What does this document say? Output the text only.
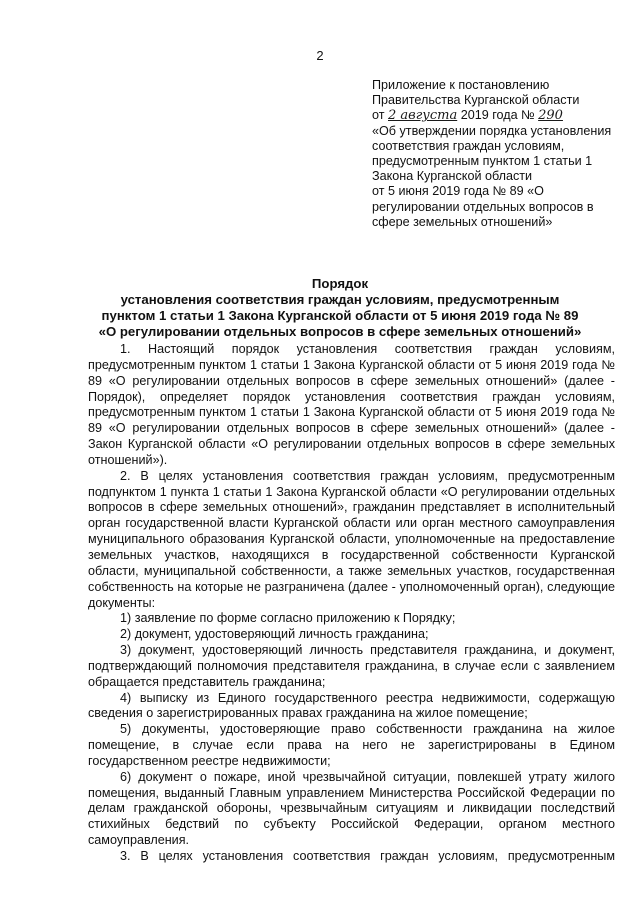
2
Приложение к постановлению
Правительства Курганской области
от 2 августа 2019 года № 290
«Об утверждении порядка установления
соответствия граждан условиям,
предусмотренным пунктом 1 статьи 1
Закона Курганской области
от 5 июня 2019 года № 89 «О
регулировании отдельных вопросов в
сфере земельных отношений»
Порядок
установления соответствия граждан условиям, предусмотренным
пунктом 1 статьи 1 Закона Курганской области от 5 июня 2019 года № 89
«О регулировании отдельных вопросов в сфере земельных отношений»

1. Настоящий порядок установления соответствия граждан условиям, предусмотренным пунктом 1 статьи 1 Закона Курганской области от 5 июня 2019 года № 89 «О регулировании отдельных вопросов в сфере земельных отношений» (далее - Порядок), определяет порядок установления соответствия граждан условиям, предусмотренным пунктом 1 статьи 1 Закона Курганской области от 5 июня 2019 года № 89 «О регулировании отдельных вопросов в сфере земельных отношений» (далее - Закон Курганской области «О регулировании отдельных вопросов в сфере земельных отношений»).

2. В целях установления соответствия граждан условиям, предусмотренным подпунктом 1 пункта 1 статьи 1 Закона Курганской области «О регулировании отдельных вопросов в сфере земельных отношений», гражданин представляет в исполнительный орган государственной власти Курганской области или орган местного самоуправления муниципального образования Курганской области, уполномоченные на предоставление земельных участков, находящихся в государственной собственности Курганской области, муниципальной собственности, а также земельных участков, государственная собственность на которые не разграничена (далее - уполномоченный орган), следующие документы:

1) заявление по форме согласно приложению к Порядку;

2) документ, удостоверяющий личность гражданина;

3) документ, удостоверяющий личность представителя гражданина, и документ, подтверждающий полномочия представителя гражданина, в случае если с заявлением обращается представитель гражданина;

4) выписку из Единого государственного реестра недвижимости, содержащую сведения о зарегистрированных правах гражданина на жилое помещение;

5) документы, удостоверяющие право собственности гражданина на жилое помещение, в случае если права на него не зарегистрированы в Едином государственном реестре недвижимости;

6) документ о пожаре, иной чрезвычайной ситуации, повлекшей утрату жилого помещения, выданный Главным управлением Министерства Российской Федерации по делам гражданской обороны, чрезвычайным ситуациям и ликвидации последствий стихийных бедствий по субъекту Российской Федерации, органом местного самоуправления.

3. В целях установления соответствия граждан условиям, предусмотренным
